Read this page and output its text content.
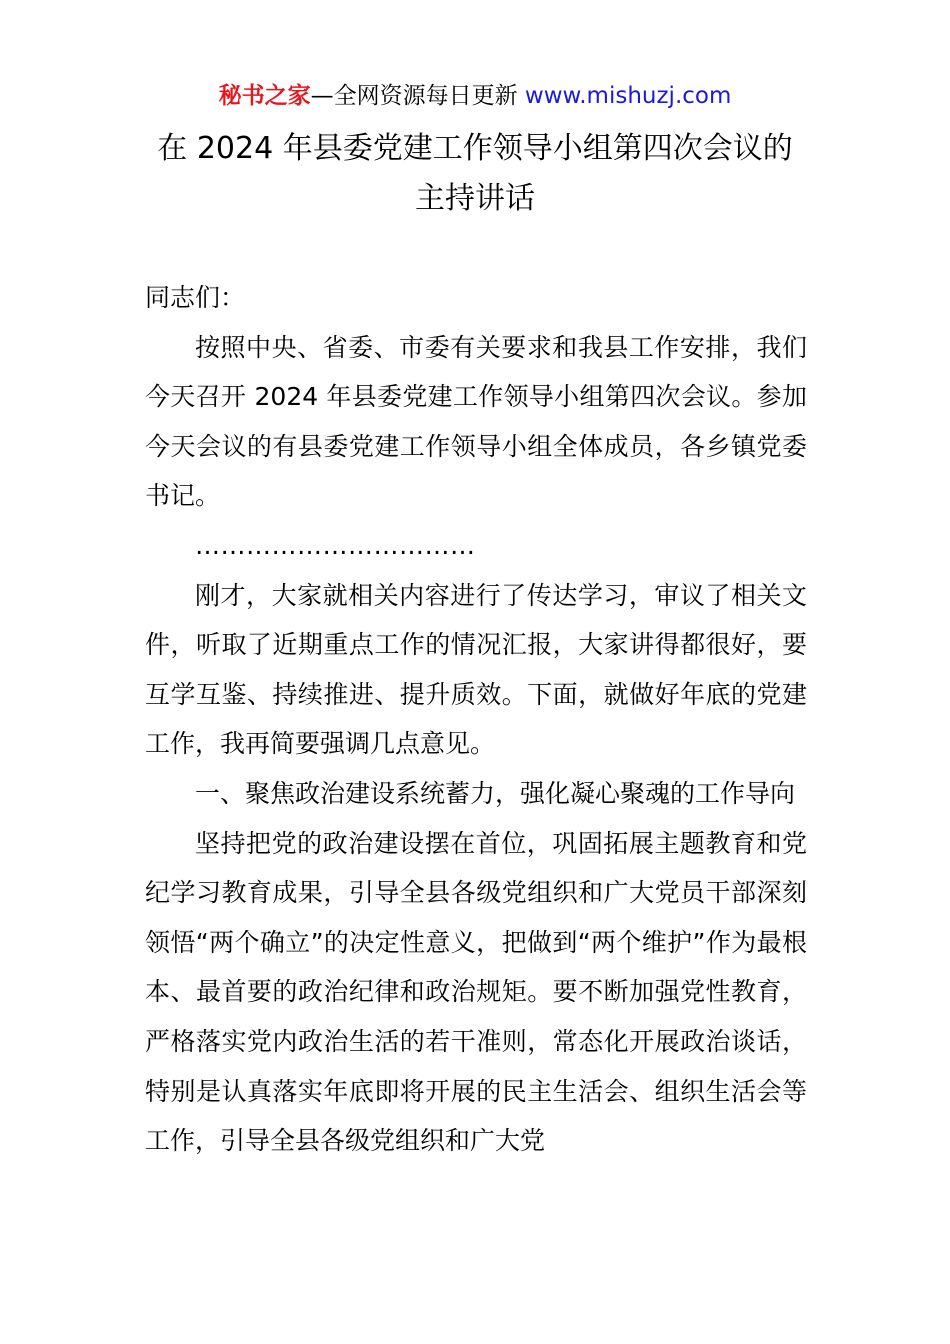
秘书之家—全网资源每日更新 www.mishuzj.com
在 2024 年县委党建工作领导小组第四次会议的
主持讲话

同志们：

按照中央、省委、市委有关要求和我县工作安排，我们今天召开 2024 年县委党建工作领导小组第四次会议。参加今天会议的有县委党建工作领导小组全体成员，各乡镇党委书记。

……………………………

刚才，大家就相关内容进行了传达学习，审议了相关文件，听取了近期重点工作的情况汇报，大家讲得都很好，要互学互鉴、持续推进、提升质效。下面，就做好年底的党建工作，我再简要强调几点意见。

一、聚焦政治建设系统蓄力，强化凝心聚魂的工作导向

坚持把党的政治建设摆在首位，巩固拓展主题教育和党纪学习教育成果，引导全县各级党组织和广大党员干部深刻领悟“两个确立”的决定性意义，把做到“两个维护”作为最根本、最首要的政治纪律和政治规矩。要不断加强党性教育，严格落实党内政治生活的若干准则，常态化开展政治谈话，特别是认真落实年底即将开展的民主生活会、组织生活会等工作，引导全县各级党组织和广大党
